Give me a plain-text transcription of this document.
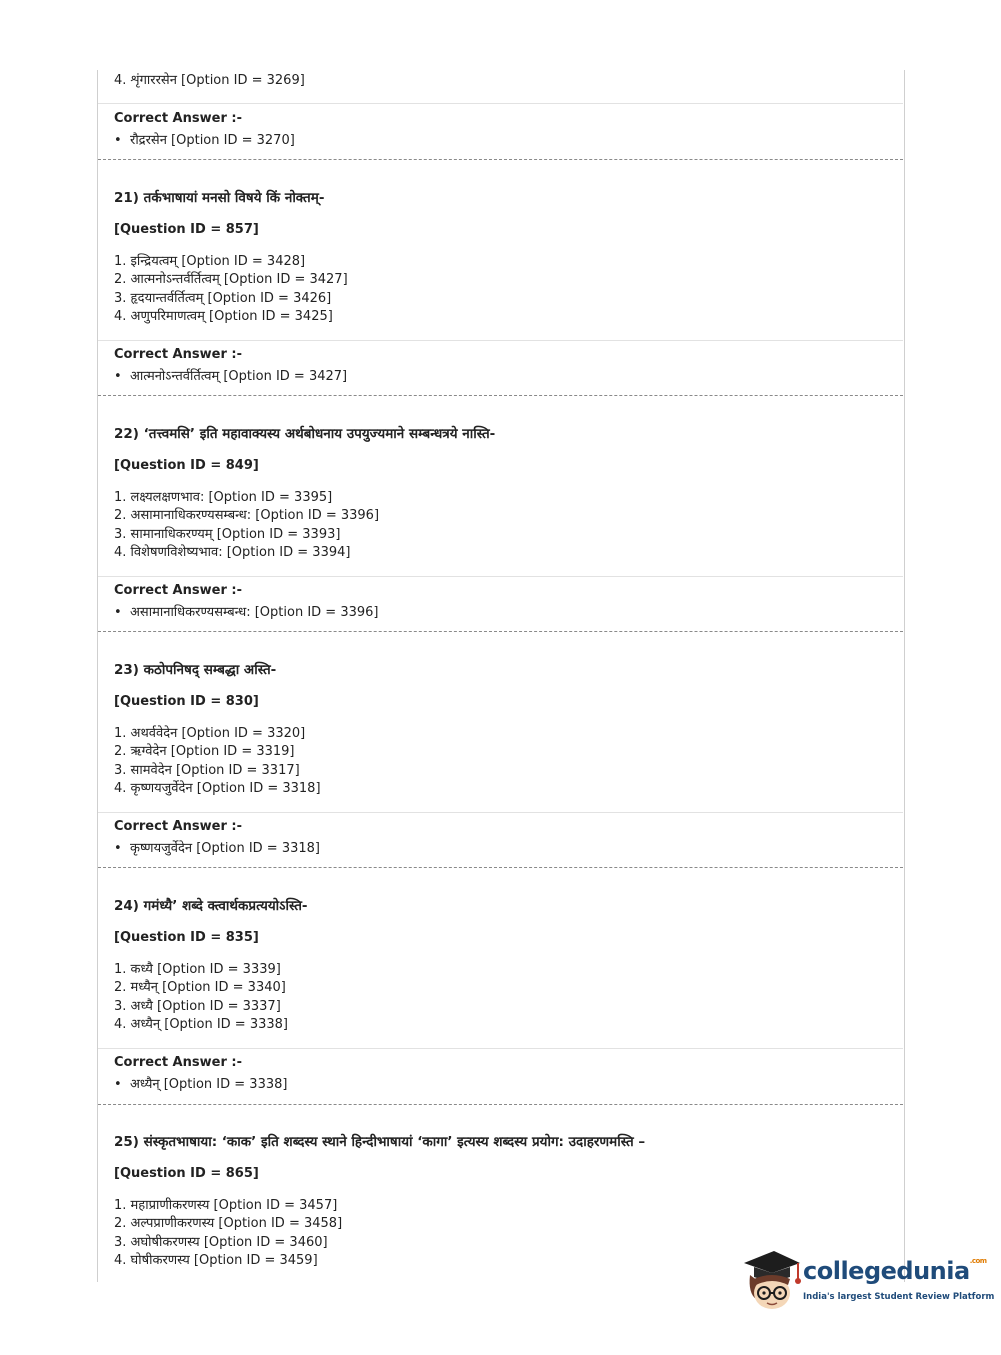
4. शृंगाररसेन [Option ID = 3269]
Correct Answer :-
• रौद्ररसेन [Option ID = 3270]
21) तर्कभाषायां मनसो विषये किं नोक्तम्-
[Question ID = 857]
1. इन्द्रियत्वम् [Option ID = 3428]
2. आत्मनोऽन्तर्वर्तित्वम् [Option ID = 3427]
3. हृदयान्तर्वर्तित्वम् [Option ID = 3426]
4. अणुपरिमाणत्वम् [Option ID = 3425]
Correct Answer :-
• आत्मनोऽन्तर्वर्तित्वम् [Option ID = 3427]
22) ‘तत्त्वमसि’ इति महावाक्यस्य अर्थबोधनाय उपयुज्यमाने सम्बन्धत्रये नास्ति-
[Question ID = 849]
1. लक्ष्यलक्षणभाव: [Option ID = 3395]
2. असामानाधिकरण्यसम्बन्ध: [Option ID = 3396]
3. सामानाधिकरण्यम् [Option ID = 3393]
4. विशेषणविशेष्यभाव: [Option ID = 3394]
Correct Answer :-
• असामानाधिकरण्यसम्बन्ध: [Option ID = 3396]
23) कठोपनिषद् सम्बद्धा अस्ति-
[Question ID = 830]
1. अथर्ववेदेन [Option ID = 3320]
2. ऋग्वेदेन [Option ID = 3319]
3. सामवेदेन [Option ID = 3317]
4. कृष्णयजुर्वेदेन [Option ID = 3318]
Correct Answer :-
• कृष्णयजुर्वेदेन [Option ID = 3318]
24) गमंध्यै’ शब्दे क्त्वार्थकप्रत्ययोऽस्ति-
[Question ID = 835]
1. कध्यै [Option ID = 3339]
2. मध्यैन् [Option ID = 3340]
3. अध्यै [Option ID = 3337]
4. अध्यैन् [Option ID = 3338]
Correct Answer :-
• अध्यैन् [Option ID = 3338]
25) संस्कृतभाषाया: ‘काक’ इति शब्दस्य स्थाने हिन्दीभाषायां ‘कागा’ इत्यस्य शब्दस्य प्रयोग: उदाहरणमस्ति –
[Question ID = 865]
1. महाप्राणीकरणस्य [Option ID = 3457]
2. अल्पप्राणीकरणस्य [Option ID = 3458]
3. अघोषीकरणस्य [Option ID = 3460]
4. घोषीकरणस्य [Option ID = 3459]	collegedunia$^{.com}$
India's largest Student Review Platform
